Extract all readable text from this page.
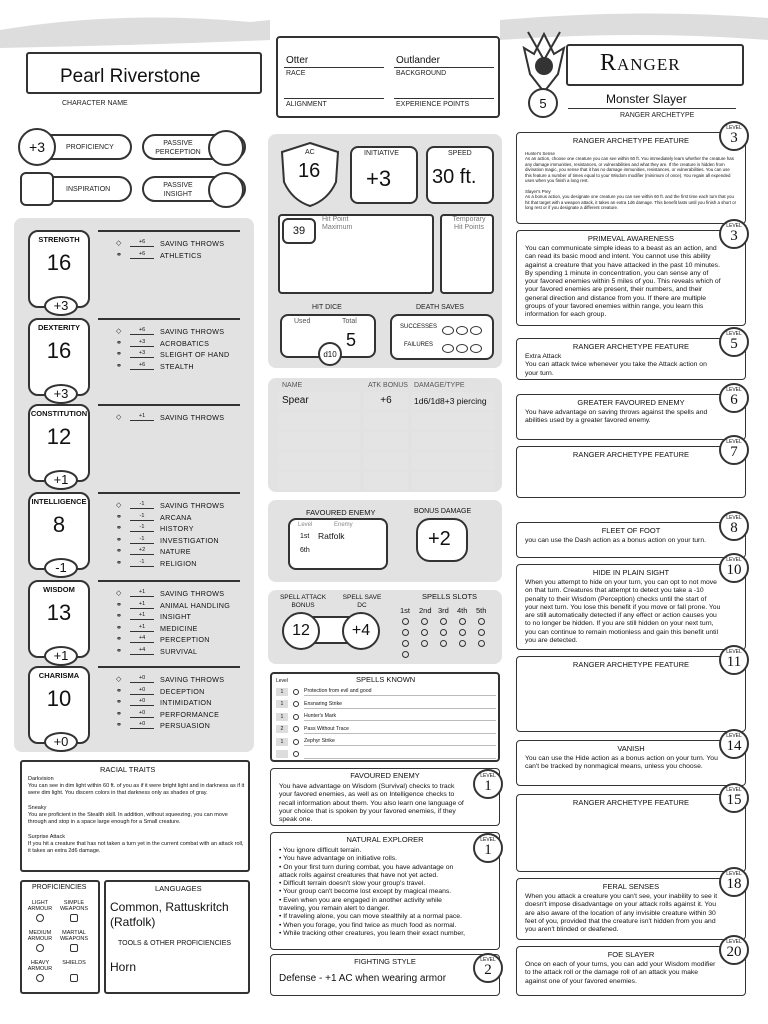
Pearl Riverstone
CHARACTER NAME
Otter
RACE
Outlander
BACKGROUND
ALIGNMENT	EXPERIENCE POINTS
Ranger
5	Monster Slayer
RANGER ARCHETYPE
+3	PROFICIENCY
PASSIVE PERCEPTION
INSPIRATION
PASSIVE INSIGHT
STRENGTH
16
+3
◇	+6	SAVING THROWS
⚭	+6	ATHLETICS
DEXTERITY
16
+3
◇	+6	SAVING THROWS
⚭	+3	ACROBATICS
⚭	+3	SLEIGHT OF HAND
⚭	+6	STEALTH
CONSTITUTION
12
+1
◇	+1	SAVING THROWS
INTELLIGENCE
8
-1
◇	-1	SAVING THROWS
⚭	-1	ARCANA
⚭	-1	HISTORY
⚭	-1	INVESTIGATION
⚭	+2	NATURE
⚭	-1	RELIGION
WISDOM
13
+1
◇	+1	SAVING THROWS
⚭	+1	ANIMAL HANDLING
⚭	+1	INSIGHT
⚭	+1	MEDICINE
⚭	+4	PERCEPTION
⚭	+4	SURVIVAL
CHARISMA
10
+0
◇	+0	SAVING THROWS
⚭	+0	DECEPTION
⚭	+0	INTIMIDATION
⚭	+0	PERFORMANCE
⚭	+0	PERSUASION
RACIAL TRAITS
Darkvision
You can see in dim light within 60 ft. of you as if it were bright light and in darkness as if it were dim light. You discern colors in that darkness only as shades of gray.
Sneaky
You are proficient in the Stealth skill. In addition, without squeezing, you can move through and stop in a space large enough for a Small creature.
Surprise Attack
If you hit a creature that has not taken a turn yet in the current combat with an attack roll, it takes an extra 2d6 damage.
PROFICIENCIES
LIGHT ARMOUR
SIMPLE WEAPONS
MEDIUM ARMOUR
MARTIAL WEAPONS
HEAVY ARMOUR
SHIELDS
LANGUAGES
Common, Rattuskritch (Ratfolk)
TOOLS & OTHER PROFICIENCIES
Horn
AC
16
INITIATIVE
+3
SPEED
30 ft.
39
Hit Point Maximum
Temporary Hit Points
HIT DICE
Used	Total
5
d10
DEATH SAVES
SUCCESSES
FAILURES
NAME	ATK BONUS DAMAGE/TYPE
Spear	+6	1d6/1d8+3 piercing
FAVOURED ENEMY
Level	Enemy
1st Ratfolk
6th
BONUS DAMAGE
+2
SPELL ATTACK BONUS
SPELL SAVE DC
12	+4
SPELLS SLOTS
1st 2nd 3rd 4th 5th
SPELLS KNOWN
Level
1	Protection from evil and good
1	Ensnaring Strike
1	Hunter's Mark
2	Pass Without Trace
1	Zephyr Strike
FAVOURED ENEMY	LEVEL
1
You have advantage on Wisdom (Survival) checks to track your favored enemies, as well as on Intelligence checks to recall information about them. You also learn one language of your choice that is spoken by your favored enemies, if they speak one.
NATURAL EXPLORER	LEVEL
1
• You ignore difficult terrain.
• You have advantage on initiative rolls.
• On your first turn during combat, you have advantage on attack rolls against creatures that have not yet acted.
• Difficult terrain doesn't slow your group's travel.
• Your group can't become lost except by magical means.
• Even when you are engaged in another activity while traveling, you remain alert to danger.
• If traveling alone, you can move stealthily at a normal pace.
• When you forage, you find twice as much food as normal.
• While tracking other creatures, you learn their exact number,
FIGHTING STYLE	LEVEL
2
Defense - +1 AC when wearing armor
RANGER ARCHETYPE FEATURE
LEVEL
3
Hunter's Sense
As an action, choose one creature you can see within 60 ft. You immediately learn whether the creature has any damage immunities, resistances, or vulnerabilities and what they are. If the creature is hidden from divination magic, you sense that it has no damage immunities, resistances, or vulnerabilities. You can use this feature a number of times equal to your Wisdom modifier (minimum of once). You regain all expended uses when you finish a long rest.

Slayer's Prey
As a bonus action, you designate one creature you can see within 60 ft. and the first time each turn that you hit that target with a weapon attack, it takes an extra 1d6 damage. This benefit lasts until you finish a short or long rest or if you designate a different creature.
PRIMEVAL AWARENESS
LEVEL
3
You can communicate simple ideas to a beast as an action, and can read its basic mood and intent. You cannot use this ability against a creature that you have attacked in the past 10 minutes.
By spending 1 minute in concentration, you can sense any of your favored enemies within 5 miles of you. This reveals which of your favored enemies are present, their numbers, and their general direction and distance from you. If there are multiple groups of your favored enemies within range, you learn this information for each group.
RANGER ARCHETYPE FEATURE
LEVEL
5
Extra Attack
You can attack twice whenever you take the Attack action on your turn.
GREATER FAVOURED ENEMY
LEVEL
6
You have advantage on saving throws against the spells and abilities used by a greater favored enemy.
RANGER ARCHETYPE FEATURE
LEVEL
7
FLEET OF FOOT
LEVEL
8
you can use the Dash action as a bonus action on your turn.
HIDE IN PLAIN SIGHT
LEVEL
10
When you attempt to hide on your turn, you can opt to not move on that turn. Creatures that attempt to detect you take a -10 penalty to their Wisdom (Perception) checks until the start of your next turn. You lose this benefit if you move or fall prone. You are still automatically detected if any effect or action causes you to no longer be hidden. If you are still hidden on your next turn, you can continue to remain motionless and gain this benefit until you are detected.
RANGER ARCHETYPE FEATURE
LEVEL
11
VANISH
LEVEL
14
You can use the Hide action as a bonus action on your turn. You can't be tracked by nonmagical means, unless you choose.
RANGER ARCHETYPE FEATURE
LEVEL
15
FERAL SENSES
LEVEL
18
When you attack a creature you can't see, your inability to see it doesn't impose disadvantage on your attack rolls against it. You are also aware of the location of any invisible creature within 30 feet of you, provided that the creature isn't hidden from you and you aren't blinded or deafened.
FOE SLAYER
LEVEL
20
Once on each of your turns, you can add your Wisdom modifier to the attack roll or the damage roll of an attack you make against one of your favored enemies.
